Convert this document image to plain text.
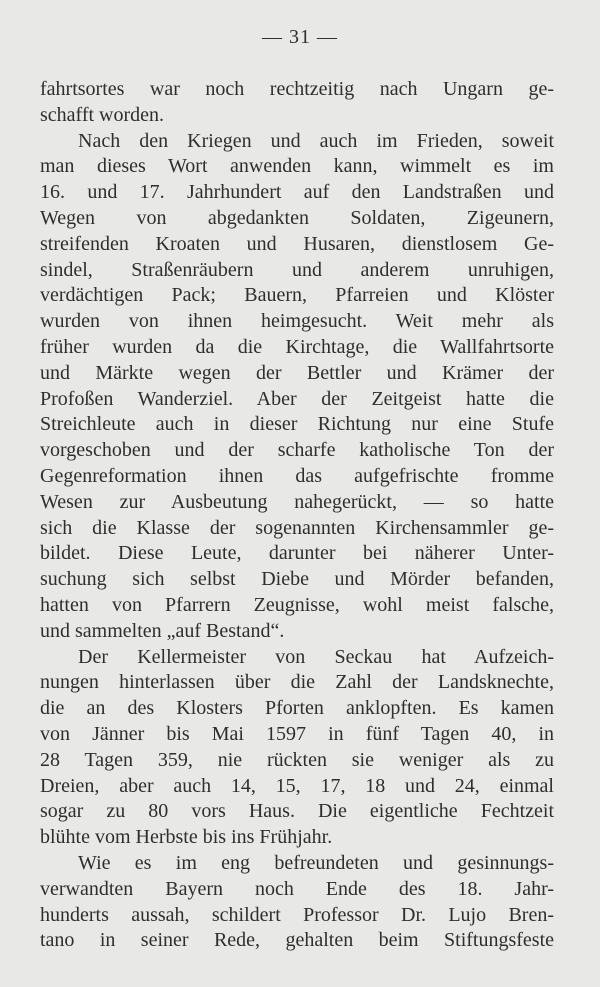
— 31 —
fahrtsortes war noch rechtzeitig nach Ungarn ge-
schafft worden.
Nach den Kriegen und auch im Frieden, soweit
man dieses Wort anwenden kann, wimmelt es im
16. und 17. Jahrhundert auf den Landstraßen und
Wegen von abgedankten Soldaten, Zigeunern,
streifenden Kroaten und Husaren, dienstlosem Ge-
sindel, Straßenräubern und anderem unruhigen,
verdächtigen Pack; Bauern, Pfarreien und Klöster
wurden von ihnen heimgesucht. Weit mehr als
früher wurden da die Kirchtage, die Wallfahrtsorte
und Märkte wegen der Bettler und Krämer der
Profoßen Wanderziel. Aber der Zeitgeist hatte die
Streichleute auch in dieser Richtung nur eine Stufe
vorgeschoben und der scharfe katholische Ton der
Gegenreformation ihnen das aufgefrischte fromme
Wesen zur Ausbeutung nahegerückt, — so hatte
sich die Klasse der sogenannten Kirchensammler ge-
bildet. Diese Leute, darunter bei näherer Unter-
suchung sich selbst Diebe und Mörder befanden,
hatten von Pfarrern Zeugnisse, wohl meist falsche,
und sammelten „auf Bestand“.
Der Kellermeister von Seckau hat Aufzeich-
nungen hinterlassen über die Zahl der Landsknechte,
die an des Klosters Pforten anklopften. Es kamen
von Jänner bis Mai 1597 in fünf Tagen 40, in
28 Tagen 359, nie rückten sie weniger als zu
Dreien, aber auch 14, 15, 17, 18 und 24, einmal
sogar zu 80 vors Haus. Die eigentliche Fechtzeit
blühte vom Herbste bis ins Frühjahr.
Wie es im eng befreundeten und gesinnungs-
verwandten Bayern noch Ende des 18. Jahr-
hunderts aussah, schildert Professor Dr. Lujo Bren-
tano in seiner Rede, gehalten beim Stiftungsfeste
